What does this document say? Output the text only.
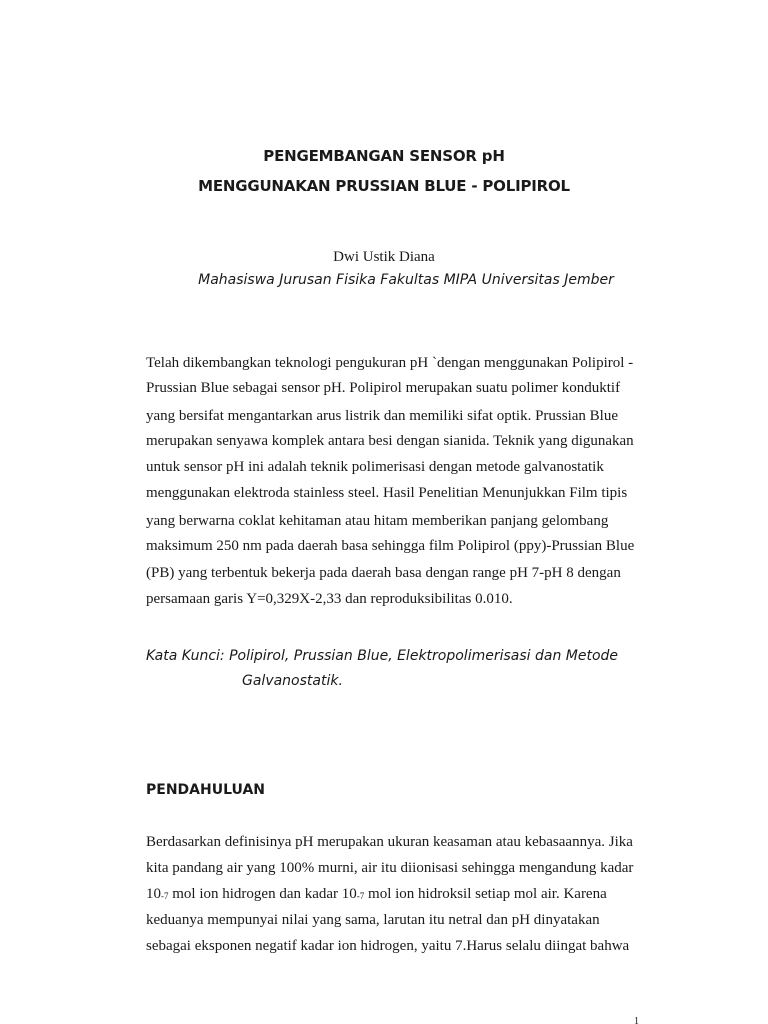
PENGEMBANGAN SENSOR pH
MENGGUNAKAN PRUSSIAN BLUE - POLIPIROL
Dwi Ustik Diana
Mahasiswa Jurusan Fisika Fakultas MIPA Universitas Jember
Telah dikembangkan teknologi pengukuran pH `dengan menggunakan Polipirol -
Prussian Blue sebagai sensor pH. Polipirol merupakan suatu polimer konduktif
yang bersifat mengantarkan arus listrik dan memiliki sifat optik. Prussian Blue
merupakan senyawa komplek antara besi dengan sianida. Teknik yang digunakan
untuk sensor pH ini adalah teknik polimerisasi dengan metode galvanostatik
menggunakan elektroda stainless steel. Hasil Penelitian Menunjukkan Film tipis
yang berwarna coklat kehitaman atau hitam memberikan panjang gelombang
maksimum 250 nm pada daerah basa sehingga film Polipirol (ppy)-Prussian Blue
(PB) yang terbentuk bekerja pada daerah basa dengan range pH 7-pH 8 dengan
persamaan garis Y=0,329X-2,33 dan reproduksibilitas 0.010.
Kata Kunci: Polipirol, Prussian Blue, Elektropolimerisasi dan Metode
Galvanostatik.
PENDAHULUAN
Berdasarkan definisinya pH merupakan ukuran keasaman atau kebasaannya. Jika
kita pandang air yang 100% murni, air itu diionisasi sehingga mengandung kadar
$10_{-7}$ mol ion hidrogen dan kadar $10_{-7}$ mol ion hidroksil setiap mol air. Karena
keduanya mempunyai nilai yang sama, larutan itu netral dan pH dinyatakan
sebagai eksponen negatif kadar ion hidrogen, yaitu 7.Harus selalu diingat bahwa
1
